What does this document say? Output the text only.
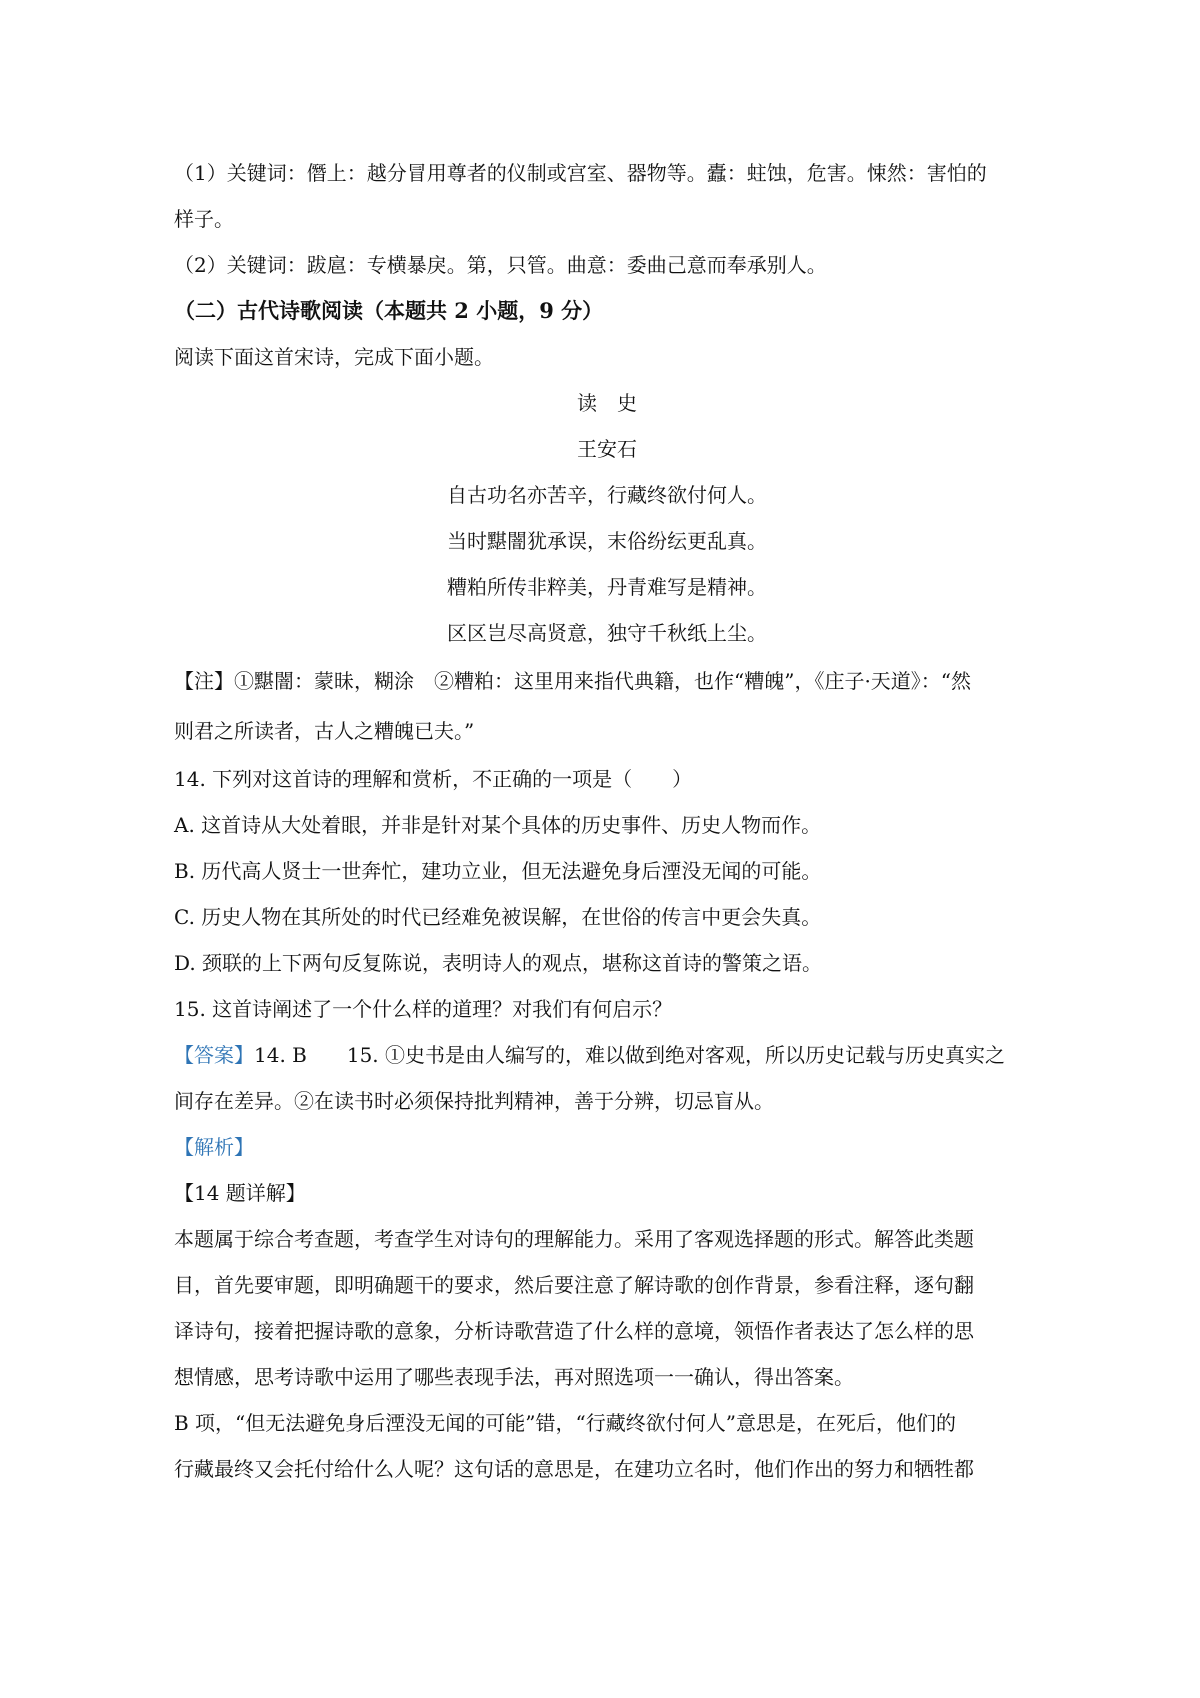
（1）关键词：僭上：越分冒用尊者的仪制或宫室、器物等。蠹：蛀蚀，危害。悚然：害怕的

样子。

（2）关键词：跋扈：专横暴戾。第，只管。曲意：委曲己意而奉承别人。

（二）古代诗歌阅读（本题共 2 小题，9 分）

阅读下面这首宋诗，完成下面小题。

读　史

王安石

自古功名亦苦辛，行藏终欲付何人。

当时黮闇犹承误，末俗纷纭更乱真。

糟粕所传非粹美，丹青难写是精神。

区区岂尽高贤意，独守千秋纸上尘。

【注】①黮闇：蒙昧，糊涂　②糟粕：这里用来指代典籍，也作“糟魄”，《庄子·天道》：“然

则君之所读者，古人之糟魄已夫。”

14. 下列对这首诗的理解和赏析，不正确的一项是（　　）

A. 这首诗从大处着眼，并非是针对某个具体的历史事件、历史人物而作。

B. 历代高人贤士一世奔忙，建功立业，但无法避免身后湮没无闻的可能。

C. 历史人物在其所处的时代已经难免被误解，在世俗的传言中更会失真。

D. 颈联的上下两句反复陈说，表明诗人的观点，堪称这首诗的警策之语。

15. 这首诗阐述了一个什么样的道理？对我们有何启示？

【答案】14. B　　15. ①史书是由人编写的，难以做到绝对客观，所以历史记载与历史真实之

间存在差异。②在读书时必须保持批判精神，善于分辨，切忌盲从。

【解析】

【14 题详解】

本题属于综合考查题，考查学生对诗句的理解能力。采用了客观选择题的形式。解答此类题

目，首先要审题，即明确题干的要求，然后要注意了解诗歌的创作背景，参看注释，逐句翻

译诗句，接着把握诗歌的意象，分析诗歌营造了什么样的意境，领悟作者表达了怎么样的思

想情感，思考诗歌中运用了哪些表现手法，再对照选项一一确认，得出答案。

B 项，“但无法避免身后湮没无闻的可能”错，“行藏终欲付何人”意思是，在死后，他们的

行藏最终又会托付给什么人呢？这句话的意思是，在建功立名时，他们作出的努力和牺牲都
